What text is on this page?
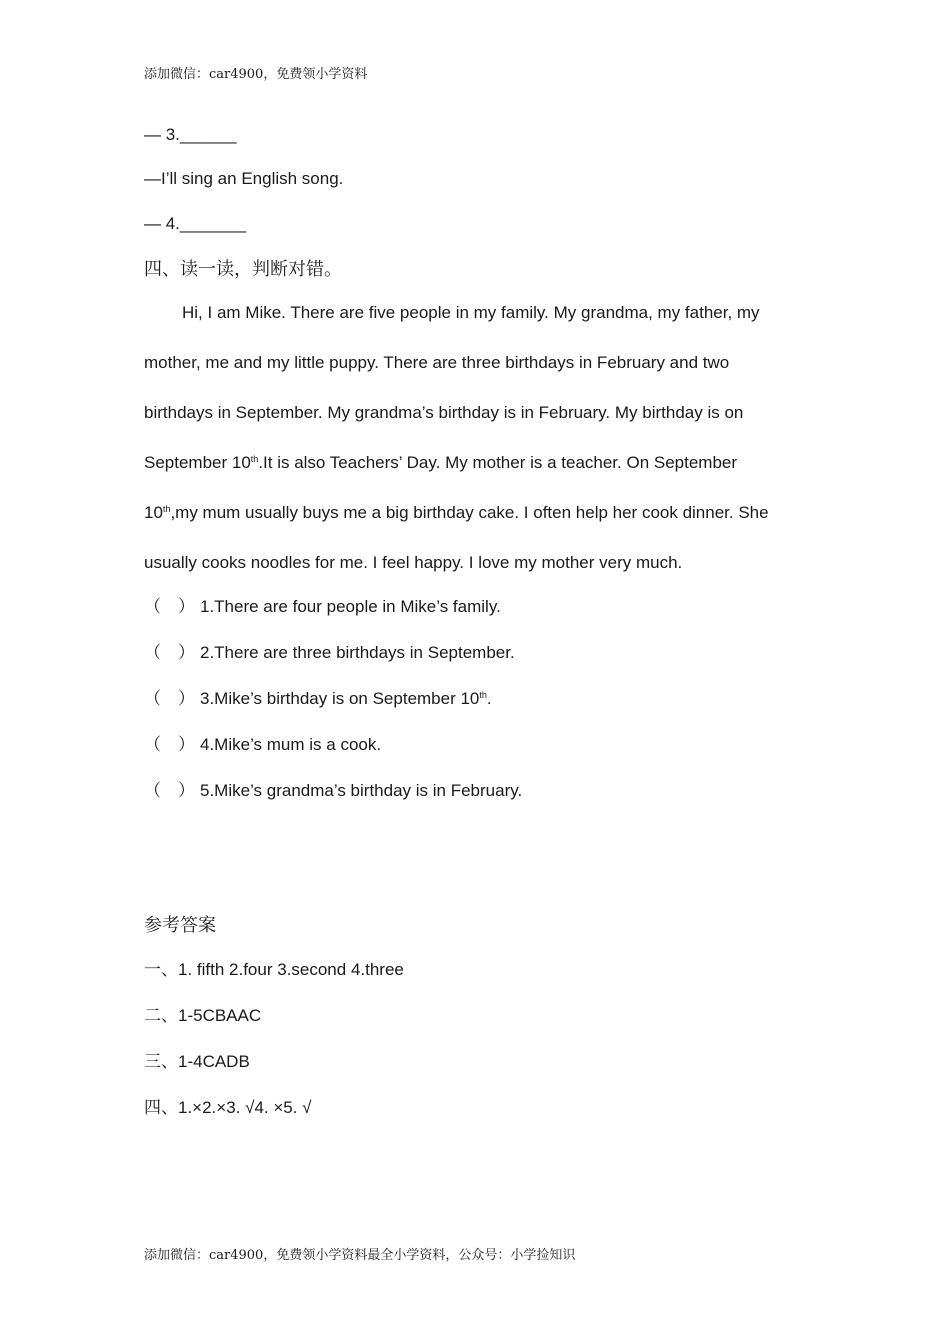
添加微信：car4900，免费领小学资料
— 3.______
—I’ll sing an English song.
— 4._______
四、读一读，判断对错。
Hi, I am Mike. There are five people in my family. My grandma, my father, my
mother, me and my little puppy. There are three birthdays in February and two
birthdays in September. My grandma’s birthday is in February. My birthday is on
September 10th.It is also Teachers’ Day. My mother is a teacher. On September
10th,my mum usually buys me a big birthday cake. I often help her cook dinner. She
usually cooks noodles for me. I feel happy. I love my mother very much.
（　） 1.There are four people in Mike’s family.
（　） 2.There are three birthdays in September.
（　） 3.Mike’s birthday is on September 10th.
（　） 4.Mike’s mum is a cook.
（　） 5.Mike’s grandma’s birthday is in February.
参考答案
一、1. fifth 2.four 3.second 4.three
二、1-5CBAAC
三、1-4CADB
四、1.×2.×3. √4. ×5. √
添加微信：car4900，免费领小学资料最全小学资料，公众号：小学捡知识
